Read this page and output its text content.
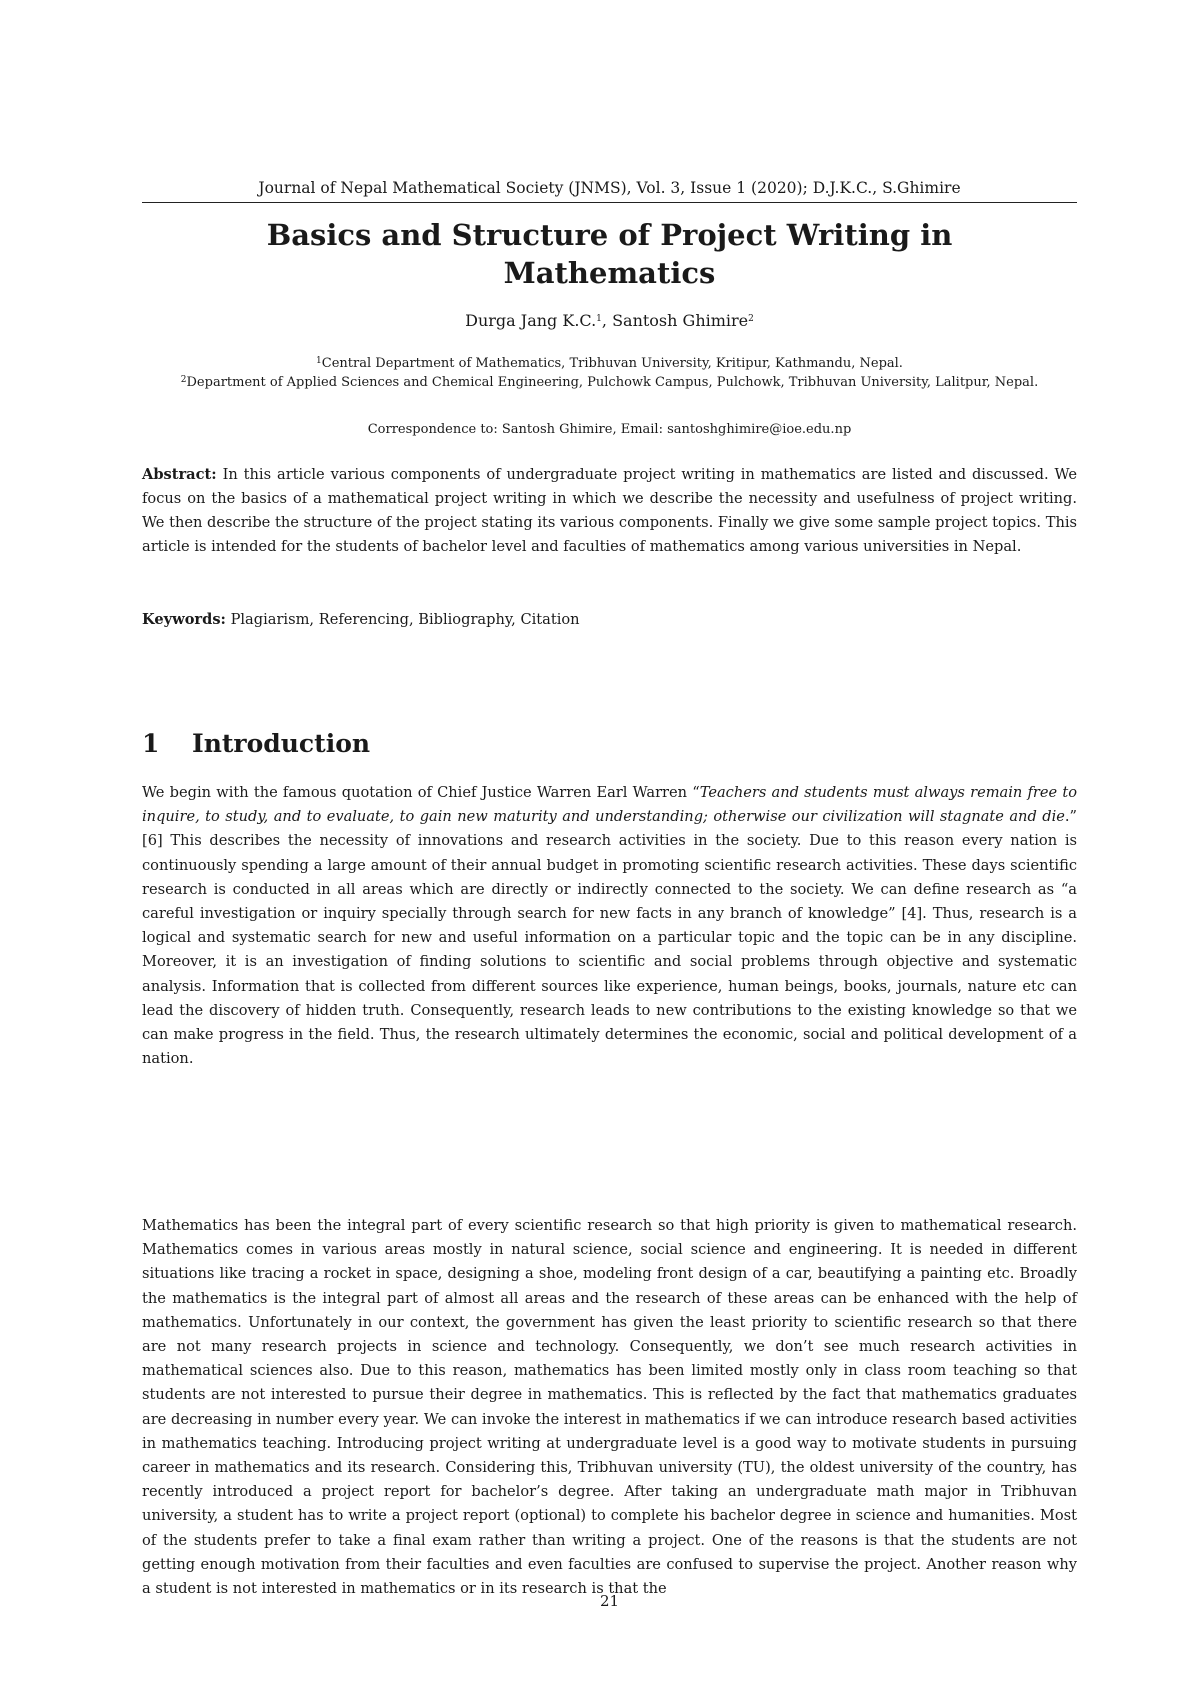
Journal of Nepal Mathematical Society (JNMS), Vol. 3, Issue 1 (2020); D.J.K.C., S.Ghimire
Basics and Structure of Project Writing in
Mathematics
Durga Jang K.C.$^1$, Santosh Ghimire$^2$
$^1$Central Department of Mathematics, Tribhuvan University, Kritipur, Kathmandu, Nepal.
$^2$Department of Applied Sciences and Chemical Engineering, Pulchowk Campus, Pulchowk, Tribhuvan University, Lalitpur, Nepal.
Correspondence to: Santosh Ghimire, Email: santoshghimire@ioe.edu.np
Abstract: In this article various components of undergraduate project writing in mathematics are listed and discussed. We focus on the basics of a mathematical project writing in which we describe the necessity and usefulness of project writing. We then describe the structure of the project stating its various components. Finally we give some sample project topics. This article is intended for the students of bachelor level and faculties of mathematics among various universities in Nepal.
Keywords: Plagiarism, Referencing, Bibliography, Citation
1 Introduction
We begin with the famous quotation of Chief Justice Warren Earl Warren “Teachers and students must always remain free to inquire, to study, and to evaluate, to gain new maturity and understanding; otherwise our civilization will stagnate and die.” [6] This describes the necessity of innovations and research activities in the society. Due to this reason every nation is continuously spending a large amount of their annual budget in promoting scientific research activities. These days scientific research is conducted in all areas which are directly or indirectly connected to the society. We can define research as “a careful investigation or inquiry specially through search for new facts in any branch of knowledge” [4]. Thus, research is a logical and systematic search for new and useful information on a particular topic and the topic can be in any discipline. Moreover, it is an investigation of finding solutions to scientific and social problems through objective and systematic analysis. Information that is collected from different sources like experience, human beings, books, journals, nature etc can lead the discovery of hidden truth. Consequently, research leads to new contributions to the existing knowledge so that we can make progress in the field. Thus, the research ultimately determines the economic, social and political development of a nation.
Mathematics has been the integral part of every scientific research so that high priority is given to mathematical research. Mathematics comes in various areas mostly in natural science, social science and engineering. It is needed in different situations like tracing a rocket in space, designing a shoe, modeling front design of a car, beautifying a painting etc. Broadly the mathematics is the integral part of almost all areas and the research of these areas can be enhanced with the help of mathematics. Unfortunately in our context, the government has given the least priority to scientific research so that there are not many research projects in science and technology. Consequently, we don’t see much research activities in mathematical sciences also. Due to this reason, mathematics has been limited mostly only in class room teaching so that students are not interested to pursue their degree in mathematics. This is reflected by the fact that mathematics graduates are decreasing in number every year. We can invoke the interest in mathematics if we can introduce research based activities in mathematics teaching. Introducing project writing at undergraduate level is a good way to motivate students in pursuing career in mathematics and its research. Considering this, Tribhuvan university (TU), the oldest university of the country, has recently introduced a project report for bachelor’s degree. After taking an undergraduate math major in Tribhuvan university, a student has to write a project report (optional) to complete his bachelor degree in science and humanities. Most of the students prefer to take a final exam rather than writing a project. One of the reasons is that the students are not getting enough motivation from their faculties and even faculties are confused to supervise the project. Another reason why a student is not interested in mathematics or in its research is that the
21
